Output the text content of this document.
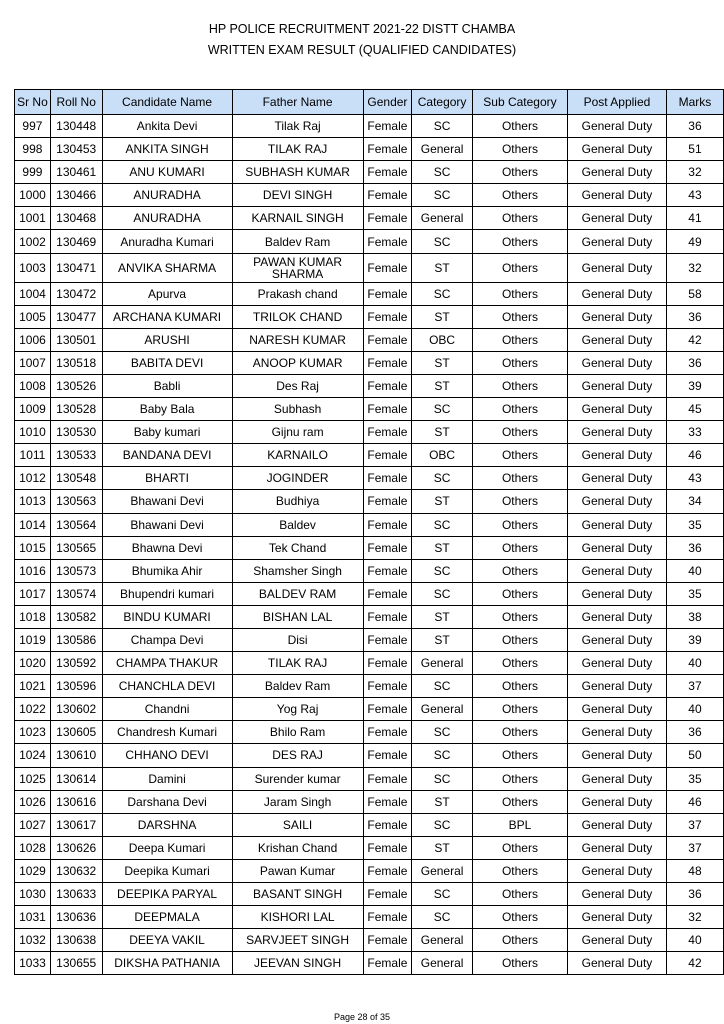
HP POLICE RECRUITMENT 2021-22 DISTT CHAMBA
WRITTEN EXAM RESULT (QUALIFIED CANDIDATES)
Sr No	Roll No	Candidate Name	Father Name	Gender	Category	Sub Category	Post Applied	Marks
997	130448	Ankita Devi	Tilak Raj	Female	SC	Others	General Duty	36
998	130453	ANKITA SINGH	TILAK RAJ	Female	General	Others	General Duty	51
999	130461	ANU KUMARI	SUBHASH KUMAR	Female	SC	Others	General Duty	32
1000	130466	ANURADHA	DEVI SINGH	Female	SC	Others	General Duty	43
1001	130468	ANURADHA	KARNAIL SINGH	Female	General	Others	General Duty	41
1002	130469	Anuradha Kumari	Baldev Ram	Female	SC	Others	General Duty	49
1003	130471	ANVIKA SHARMA	PAWAN KUMAR SHARMA	Female	ST	Others	General Duty	32
1004	130472	Apurva	Prakash chand	Female	SC	Others	General Duty	58
1005	130477	ARCHANA KUMARI	TRILOK CHAND	Female	ST	Others	General Duty	36
1006	130501	ARUSHI	NARESH KUMAR	Female	OBC	Others	General Duty	42
1007	130518	BABITA DEVI	ANOOP KUMAR	Female	ST	Others	General Duty	36
1008	130526	Babli	Des Raj	Female	ST	Others	General Duty	39
1009	130528	Baby Bala	Subhash	Female	SC	Others	General Duty	45
1010	130530	Baby kumari	Gijnu ram	Female	ST	Others	General Duty	33
1011	130533	BANDANA DEVI	KARNAILO	Female	OBC	Others	General Duty	46
1012	130548	BHARTI	JOGINDER	Female	SC	Others	General Duty	43
1013	130563	Bhawani Devi	Budhiya	Female	ST	Others	General Duty	34
1014	130564	Bhawani Devi	Baldev	Female	SC	Others	General Duty	35
1015	130565	Bhawna Devi	Tek Chand	Female	ST	Others	General Duty	36
1016	130573	Bhumika Ahir	Shamsher Singh	Female	SC	Others	General Duty	40
1017	130574	Bhupendri kumari	BALDEV RAM	Female	SC	Others	General Duty	35
1018	130582	BINDU KUMARI	BISHAN LAL	Female	ST	Others	General Duty	38
1019	130586	Champa Devi	Disi	Female	ST	Others	General Duty	39
1020	130592	CHAMPA THAKUR	TILAK RAJ	Female	General	Others	General Duty	40
1021	130596	CHANCHLA DEVI	Baldev Ram	Female	SC	Others	General Duty	37
1022	130602	Chandni	Yog Raj	Female	General	Others	General Duty	40
1023	130605	Chandresh Kumari	Bhilo Ram	Female	SC	Others	General Duty	36
1024	130610	CHHANO DEVI	DES RAJ	Female	SC	Others	General Duty	50
1025	130614	Damini	Surender kumar	Female	SC	Others	General Duty	35
1026	130616	Darshana Devi	Jaram Singh	Female	ST	Others	General Duty	46
1027	130617	DARSHNA	SAILI	Female	SC	BPL	General Duty	37
1028	130626	Deepa Kumari	Krishan Chand	Female	ST	Others	General Duty	37
1029	130632	Deepika Kumari	Pawan Kumar	Female	General	Others	General Duty	48
1030	130633	DEEPIKA PARYAL	BASANT SINGH	Female	SC	Others	General Duty	36
1031	130636	DEEPMALA	KISHORI LAL	Female	SC	Others	General Duty	32
1032	130638	DEEYA VAKIL	SARVJEET SINGH	Female	General	Others	General Duty	40
1033	130655	DIKSHA PATHANIA	JEEVAN SINGH	Female	General	Others	General Duty	42
Page 28 of 35
